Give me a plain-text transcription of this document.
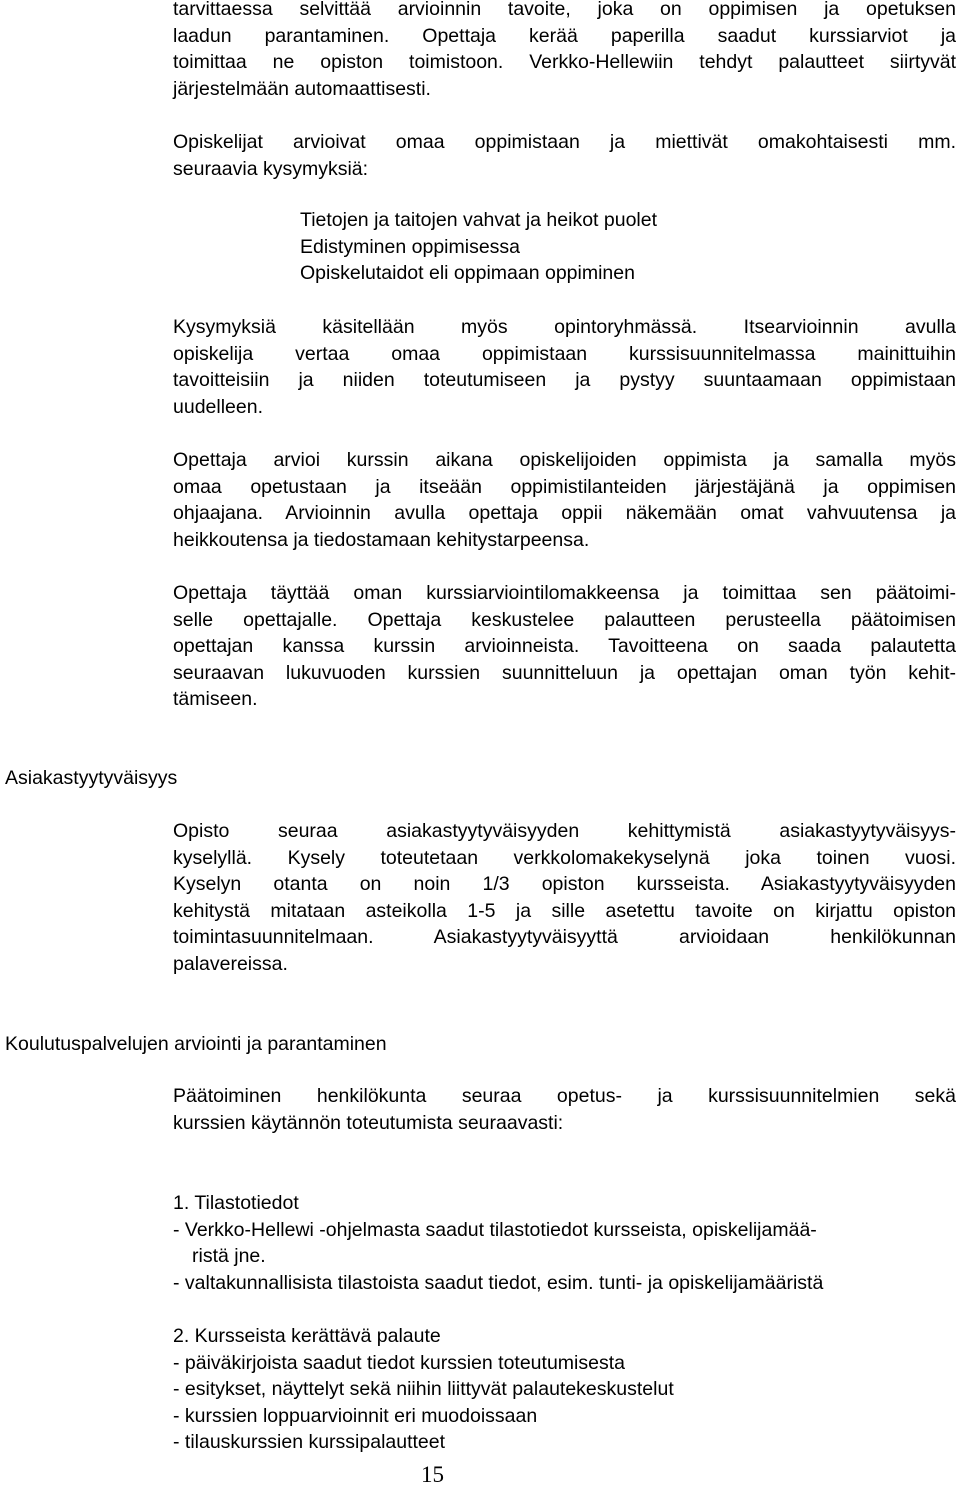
tarvittaessa selvittää arvioinnin tavoite, joka on oppimisen ja opetuksen
laadun parantaminen. Opettaja kerää paperilla saadut kurssiarviot ja
toimittaa ne opiston toimistoon. Verkko-Hellewiin tehdyt palautteet siirtyvät
järjestelmään automaattisesti.
Opiskelijat arvioivat omaa oppimistaan ja miettivät omakohtaisesti mm.
seuraavia kysymyksiä:
Tietojen ja taitojen vahvat ja heikot puolet
Edistyminen oppimisessa
Opiskelutaidot eli oppimaan oppiminen
Kysymyksiä käsitellään myös opintoryhmässä. Itsearvioinnin avulla
opiskelija vertaa omaa oppimistaan kurssisuunnitelmassa mainittuihin
tavoitteisiin ja niiden toteutumiseen ja pystyy suuntaamaan oppimistaan
uudelleen.
Opettaja arvioi kurssin aikana opiskelijoiden oppimista ja samalla myös
omaa opetustaan ja itseään oppimistilanteiden järjestäjänä ja oppimisen
ohjaajana. Arvioinnin avulla opettaja oppii näkemään omat vahvuutensa ja
heikkoutensa ja tiedostamaan kehitystarpeensa.
Opettaja täyttää oman kurssiarviointilomakkeensa ja toimittaa sen päätoimi-
selle opettajalle. Opettaja keskustelee palautteen perusteella päätoimisen
opettajan kanssa kurssin arvioinneista. Tavoitteena on saada palautetta
seuraavan lukuvuoden kurssien suunnitteluun ja opettajan oman työn kehit-
tämiseen.
Asiakastyytyväisyys
Opisto seuraa asiakastyytyväisyyden kehittymistä asiakastyytyväisyys-
kyselyllä. Kysely toteutetaan verkkolomakekyselynä joka toinen vuosi.
Kyselyn otanta on noin 1/3 opiston kursseista. Asiakastyytyväisyyden
kehitystä mitataan asteikolla 1-5 ja sille asetettu tavoite on kirjattu opiston
toimintasuunnitelmaan. Asiakastyytyväisyyttä arvioidaan henkilökunnan
palavereissa.
Koulutuspalvelujen arviointi ja parantaminen
Päätoiminen henkilökunta seuraa opetus- ja kurssisuunnitelmien sekä
kurssien käytännön toteutumista seuraavasti:
1. Tilastotiedot
- Verkko-Hellewi -ohjelmasta saadut tilastotiedot kursseista, opiskelijamää-
ristä jne.
- valtakunnallisista tilastoista saadut tiedot, esim. tunti- ja opiskelijamääristä
2. Kursseista kerättävä palaute
- päiväkirjoista saadut tiedot kurssien toteutumisesta
- esitykset, näyttelyt sekä niihin liittyvät palautekeskustelut
- kurssien loppuarvioinnit eri muodoissaan
- tilauskurssien kurssipalautteet
15
